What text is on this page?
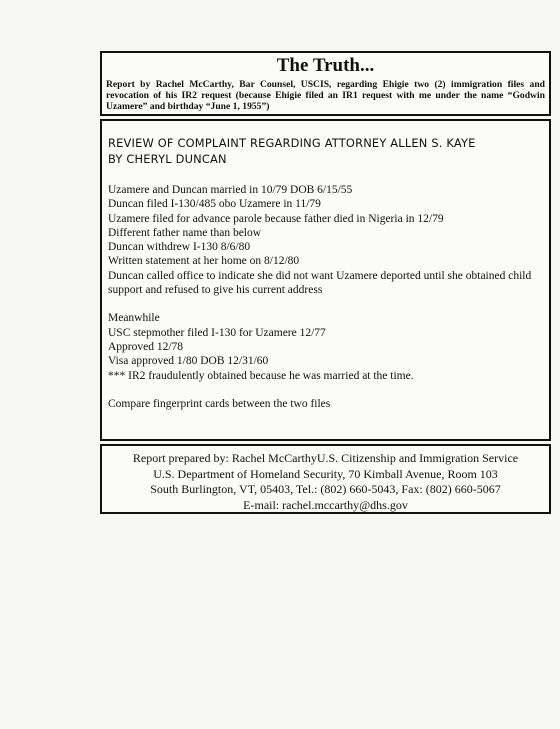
The Truth...

Report by Rachel McCarthy, Bar Counsel, USCIS, regarding Ehigie two (2) immigration files and revocation of his IR2 request (because Ehigie filed an IR1 request with me under the name “Godwin Uzamere” and birthday “June 1, 1955”)

REVIEW OF COMPLAINT REGARDING ATTORNEY ALLEN S. KAYE
BY CHERYL DUNCAN

Uzamere and Duncan married in 10/79 DOB 6/15/55

Duncan filed I-130/485 obo Uzamere in 11/79

Uzamere filed for advance parole because father died in Nigeria in 12/79

Different father name than below

Duncan withdrew I-130 8/6/80

Written statement at her home on 8/12/80

Duncan called office to indicate she did not want Uzamere deported until she obtained child support and refused to give his current address

Meanwhile

USC stepmother filed I-130 for Uzamere 12/77

Approved 12/78

Visa approved 1/80 DOB 12/31/60

*** IR2 fraudulently obtained because he was married at the time.

Compare fingerprint cards between the two files

Report prepared by: Rachel McCarthyU.S. Citizenship and Immigration Service

U.S. Department of Homeland Security, 70 Kimball Avenue, Room 103

South Burlington, VT, 05403, Tel.: (802) 660-5043, Fax: (802) 660-5067

E-mail: rachel.mccarthy@dhs.gov
